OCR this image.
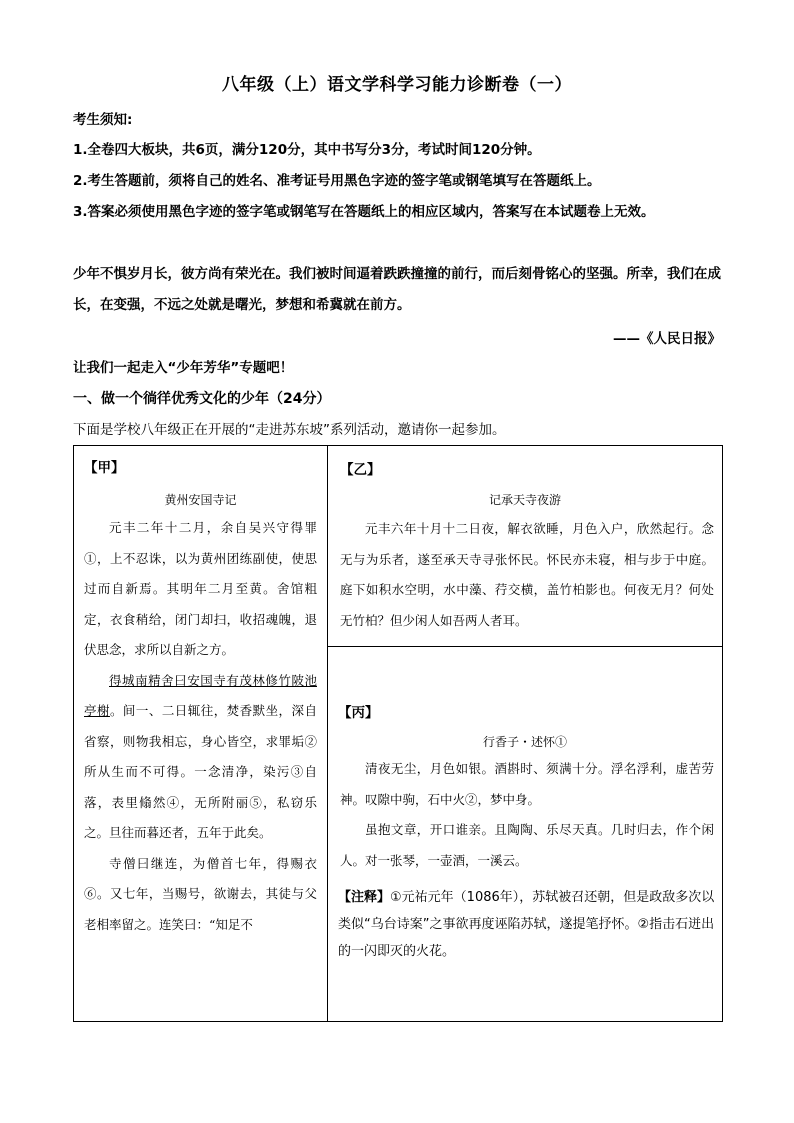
八年级（上）语文学科学习能力诊断卷（一）
考生须知:
1.全卷四大板块，共6页，满分120分，其中书写分3分，考试时间120分钟。
2.考生答题前，须将自己的姓名、准考证号用黑色字迹的签字笔或钢笔填写在答题纸上。
3.答案必须使用黑色字迹的签字笔或钢笔写在答题纸上的相应区域内，答案写在本试题卷上无效。
少年不惧岁月长，彼方尚有荣光在。我们被时间逼着跌跌撞撞的前行，而后刻骨铭心的坚强。所幸，我们在成长，在变强，不远之处就是曙光，梦想和希冀就在前方。
——《人民日报》
让我们一起走入“少年芳华”专题吧！
一、做一个徜徉优秀文化的少年（24分）
下面是学校八年级正在开展的“走进苏东坡”系列活动，邀请你一起参加。
【甲】
黄州安国寺记

元丰二年十二月，余自吴兴守得罪①，上不忍诛，以为黄州团练副使，使思过而自新焉。其明年二月至黄。舍馆粗定，衣食稍给，闭门却扫，收招魂魄，退伏思念，求所以自新之方。

得城南精舍曰安国寺有茂林修竹陂池亭榭。间一、二日辄往，焚香默坐，深自省察，则物我相忘，身心皆空，求罪垢②所从生而不可得。一念清净，染污③自落，表里翛然④，无所附丽⑤，私窃乐之。旦往而暮还者，五年于此矣。

寺僧曰继连，为僧首七年，得赐衣⑥。又七年，当赐号，欲谢去，其徒与父老相率留之。连笑曰：“知足不

【乙】
记承天寺夜游

元丰六年十月十二日夜，解衣欲睡，月色入户，欣然起行。念无与为乐者，遂至承天寺寻张怀民。怀民亦未寝，相与步于中庭。庭下如积水空明，水中藻、荇交横，盖竹柏影也。何夜无月？何处无竹柏？但少闲人如吾两人者耳。

【丙】
行香子・述怀①

清夜无尘，月色如银。酒斟时、须满十分。浮名浮利，虚苦劳神。叹隙中驹，石中火②，梦中身。

虽抱文章，开口谁亲。且陶陶、乐尽天真。几时归去，作个闲人。对一张琴，一壶酒，一溪云。

【注释】①元祐元年（1086年），苏轼被召还朝，但是政敌多次以类似“乌台诗案”之事欲再度诬陷苏轼，遂提笔抒怀。②指击石迸出的一闪即灭的火花。
